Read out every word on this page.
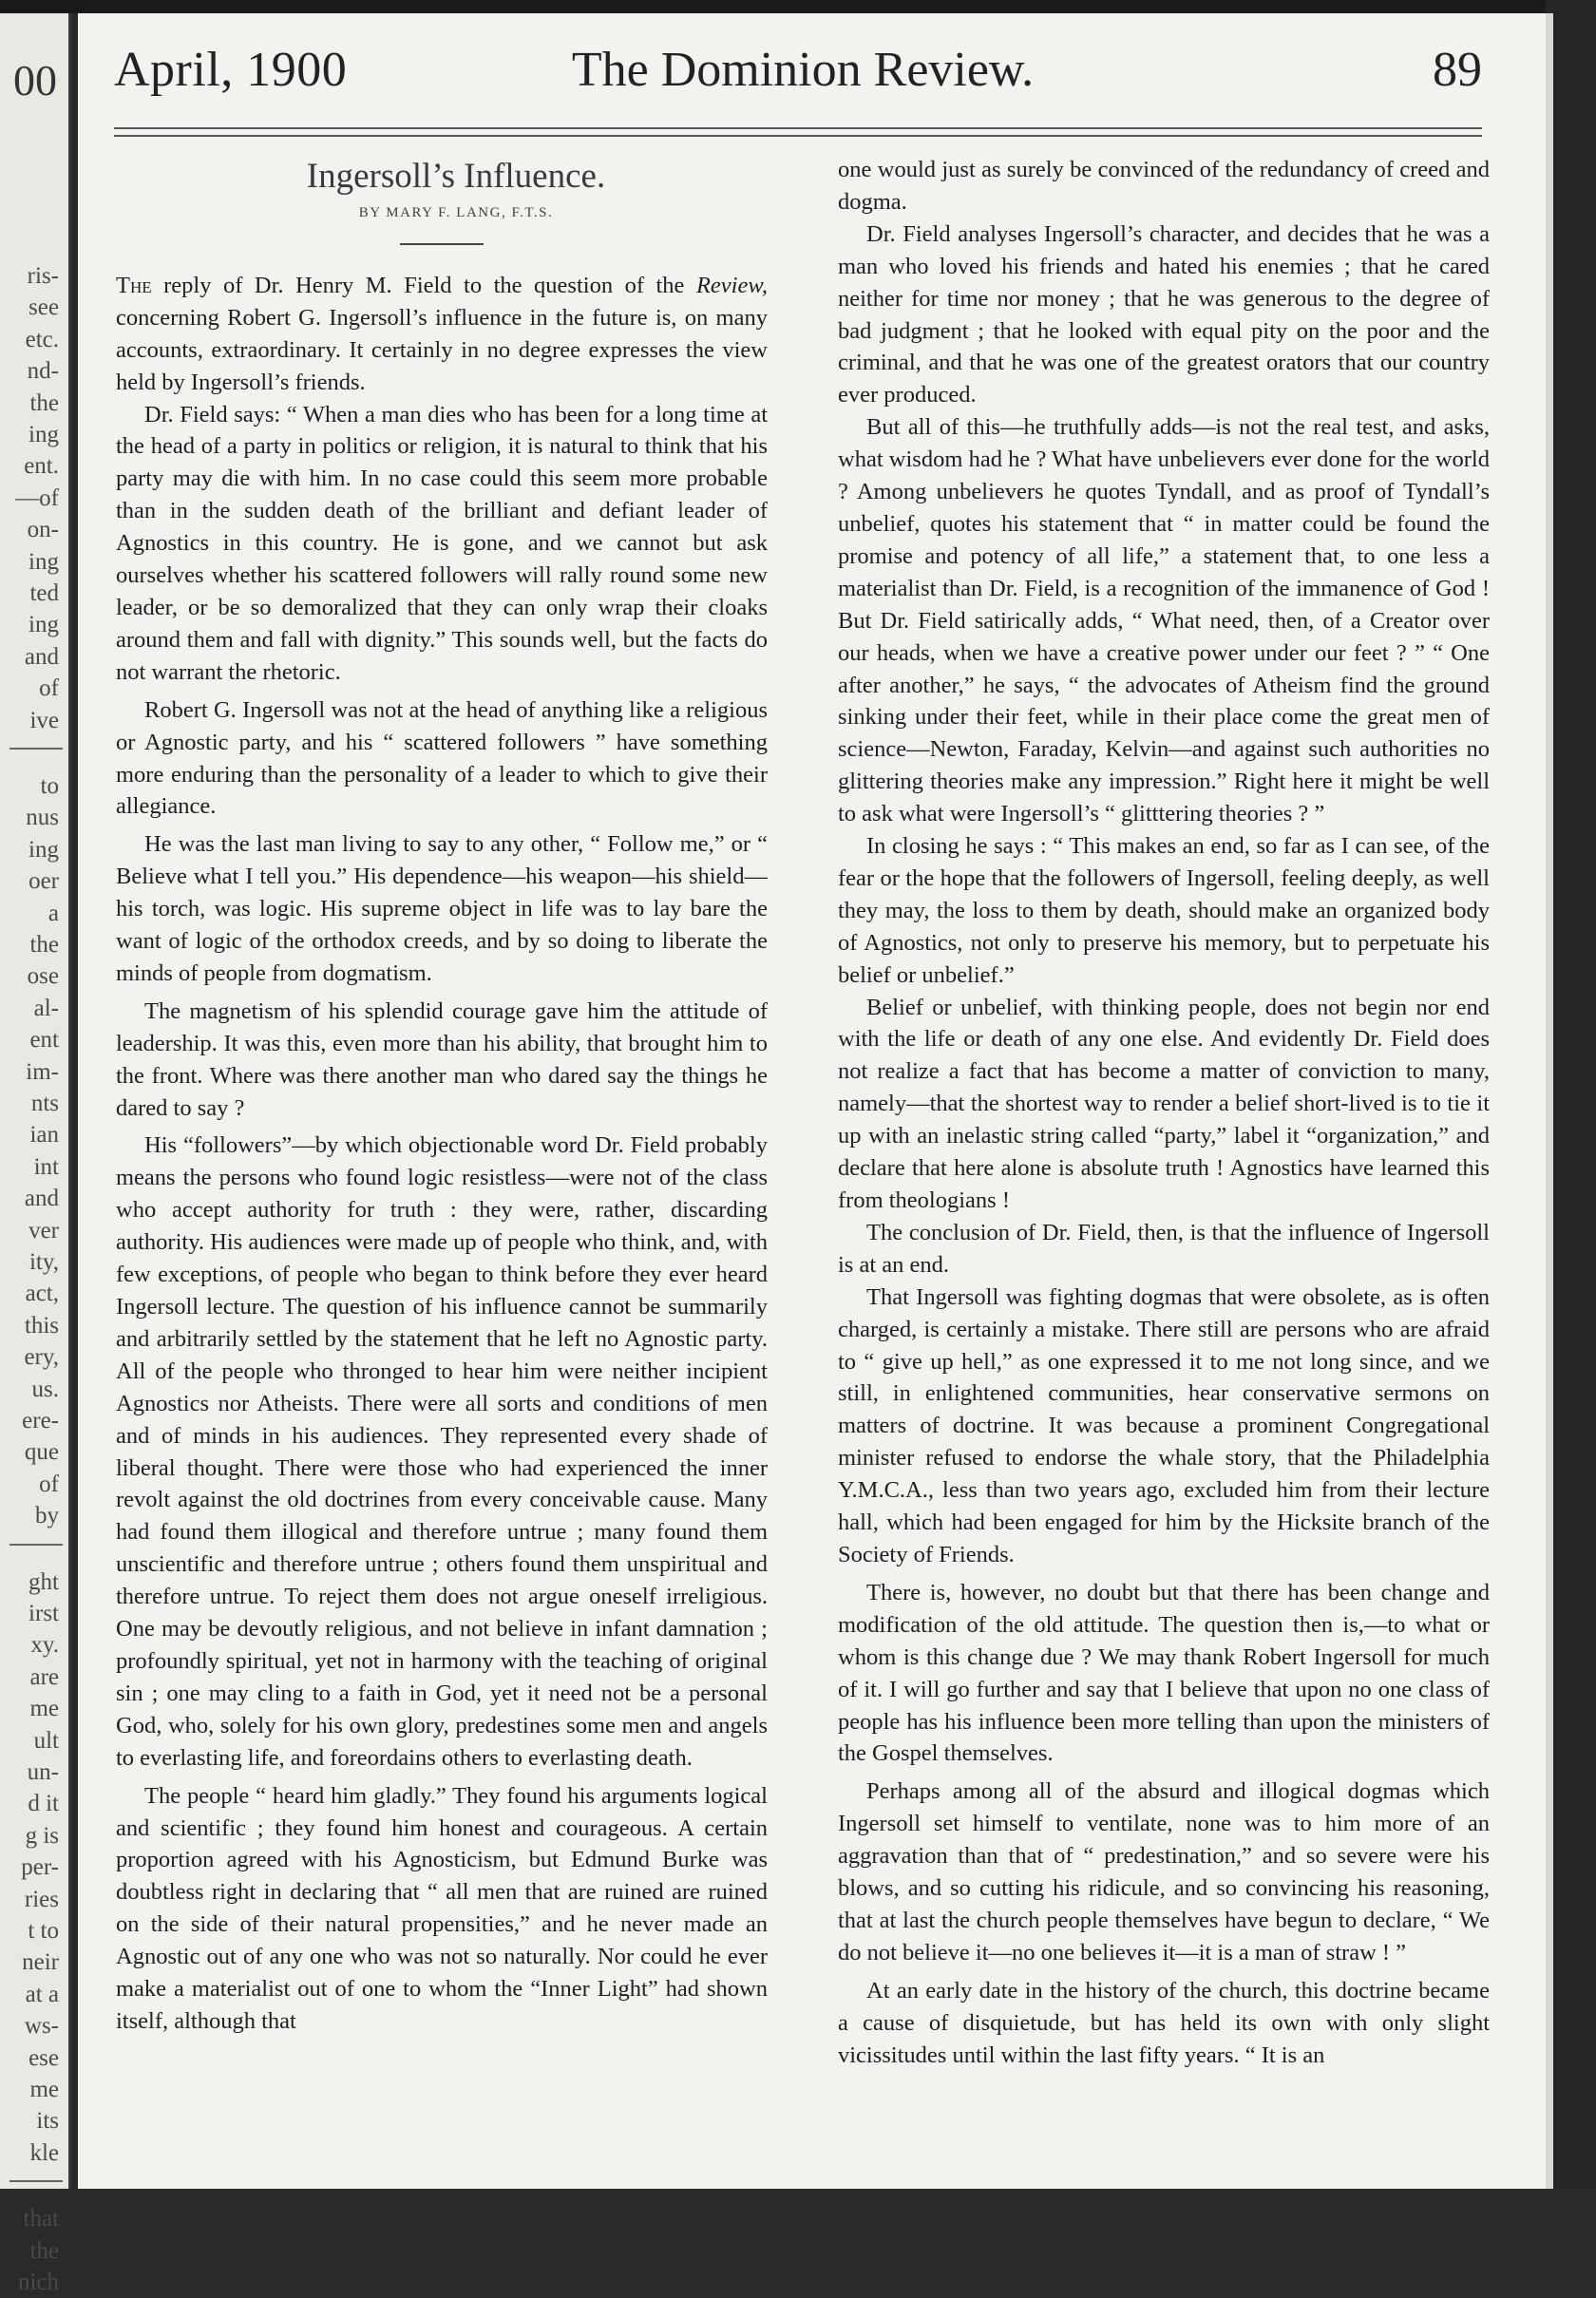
00
ris-
see
etc.
nd-
the
ing
ent.
—of
on-
ing
ted
ing
and
of
ive
to
nus
ing
oer
a
the
ose
al-
ent
im-
nts
ian
int
and
ver
ity,
act,
this
ery,
us.
ere-
que
of
by
ght
irst
xy.
are
me
ult
un-
d it
g is
per-
ries
t to
neir
at a
ws-
ese
me
its
kle
that
the
nich
The Dominion Review.
April, 1900	89

Ingersoll’s Influence.

BY MARY F. LANG, F.T.S.

The reply of Dr. Henry M. Field to the question of the Review, concerning Robert G. Ingersoll’s influence in the future is, on many accounts, extraordinary. It certainly in no degree expresses the view held by Ingersoll’s friends.

Dr. Field says: “ When a man dies who has been for a long time at the head of a party in politics or religion, it is natural to think that his party may die with him. In no case could this seem more probable than in the sudden death of the brilliant and defiant leader of Agnostics in this country. He is gone, and we cannot but ask ourselves whether his scattered followers will rally round some new leader, or be so demoralized that they can only wrap their cloaks around them and fall with dignity.” This sounds well, but the facts do not warrant the rhetoric.

Robert G. Ingersoll was not at the head of anything like a religious or Agnostic party, and his “ scattered followers ” have something more enduring than the personality of a leader to which to give their allegiance.

He was the last man living to say to any other, “ Follow me,” or “ Believe what I tell you.” His dependence—his weapon—his shield—his torch, was logic. His supreme object in life was to lay bare the want of logic of the orthodox creeds, and by so doing to liberate the minds of people from dogmatism.

The magnetism of his splendid courage gave him the attitude of leadership. It was this, even more than his ability, that brought him to the front. Where was there another man who dared say the things he dared to say ?

His “followers”—by which objectionable word Dr. Field probably means the persons who found logic resistless—were not of the class who accept authority for truth : they were, rather, discarding authority. His audiences were made up of people who think, and, with few exceptions, of people who began to think before they ever heard Ingersoll lecture. The question of his influence cannot be summarily and arbitrarily settled by the statement that he left no Agnostic party. All of the people who thronged to hear him were neither incipient Agnostics nor Atheists. There were all sorts and conditions of men and of minds in his audiences. They represented every shade of liberal thought. There were those who had experienced the inner revolt against the old doctrines from every conceivable cause. Many had found them illogical and therefore untrue ; many found them unscientific and therefore untrue ; others found them unspiritual and therefore untrue. To reject them does not argue oneself irreligious. One may be devoutly religious, and not believe in infant damnation ; profoundly spiritual, yet not in harmony with the teaching of original sin ; one may cling to a faith in God, yet it need not be a personal God, who, solely for his own glory, predestines some men and angels to everlasting life, and foreordains others to everlasting death.

The people “ heard him gladly.” They found his arguments logical and scientific ; they found him honest and courageous. A certain proportion agreed with his Agnosticism, but Edmund Burke was doubtless right in declaring that “ all men that are ruined are ruined on the side of their natural propensities,” and he never made an Agnostic out of any one who was not so naturally. Nor could he ever make a materialist out of one to whom the “Inner Light” had shown itself, although that

one would just as surely be convinced of the redundancy of creed and dogma.

Dr. Field analyses Ingersoll’s character, and decides that he was a man who loved his friends and hated his enemies ; that he cared neither for time nor money ; that he was generous to the degree of bad judgment ; that he looked with equal pity on the poor and the criminal, and that he was one of the greatest orators that our country ever produced.

But all of this—he truthfully adds—is not the real test, and asks, what wisdom had he ? What have unbelievers ever done for the world ? Among unbelievers he quotes Tyndall, and as proof of Tyndall’s unbelief, quotes his statement that “ in matter could be found the promise and potency of all life,” a statement that, to one less a materialist than Dr. Field, is a recognition of the immanence of God ! But Dr. Field satirically adds, “ What need, then, of a Creator over our heads, when we have a creative power under our feet ? ” “ One after another,” he says, “ the advocates of Atheism find the ground sinking under their feet, while in their place come the great men of science—Newton, Faraday, Kelvin—and against such authorities no glittering theories make any impression.” Right here it might be well to ask what were Ingersoll’s “ glitttering theories ? ”

In closing he says : “ This makes an end, so far as I can see, of the fear or the hope that the followers of Ingersoll, feeling deeply, as well they may, the loss to them by death, should make an organized body of Agnostics, not only to preserve his memory, but to perpetuate his belief or unbelief.”

Belief or unbelief, with thinking people, does not begin nor end with the life or death of any one else. And evidently Dr. Field does not realize a fact that has become a matter of conviction to many, namely—that the shortest way to render a belief short-lived is to tie it up with an inelastic string called “party,” label it “organization,” and declare that here alone is absolute truth ! Agnostics have learned this from theologians !

The conclusion of Dr. Field, then, is that the influence of Ingersoll is at an end.

That Ingersoll was fighting dogmas that were obsolete, as is often charged, is certainly a mistake. There still are persons who are afraid to “ give up hell,” as one expressed it to me not long since, and we still, in enlightened communities, hear conservative sermons on matters of doctrine. It was because a prominent Congregational minister refused to endorse the whale story, that the Philadelphia Y.M.C.A., less than two years ago, excluded him from their lecture hall, which had been engaged for him by the Hicksite branch of the Society of Friends.

There is, however, no doubt but that there has been change and modification of the old attitude. The question then is,—to what or whom is this change due ? We may thank Robert Ingersoll for much of it. I will go further and say that I believe that upon no one class of people has his influence been more telling than upon the ministers of the Gospel themselves.

Perhaps among all of the absurd and illogical dogmas which Ingersoll set himself to ventilate, none was to him more of an aggravation than that of “ predestination,” and so severe were his blows, and so cutting his ridicule, and so convincing his reasoning, that at last the church people themselves have begun to declare, “ We do not believe it—no one believes it—it is a man of straw ! ”

At an early date in the history of the church, this doctrine became a cause of disquietude, but has held its own with only slight vicissitudes until within the last fifty years. “ It is an
